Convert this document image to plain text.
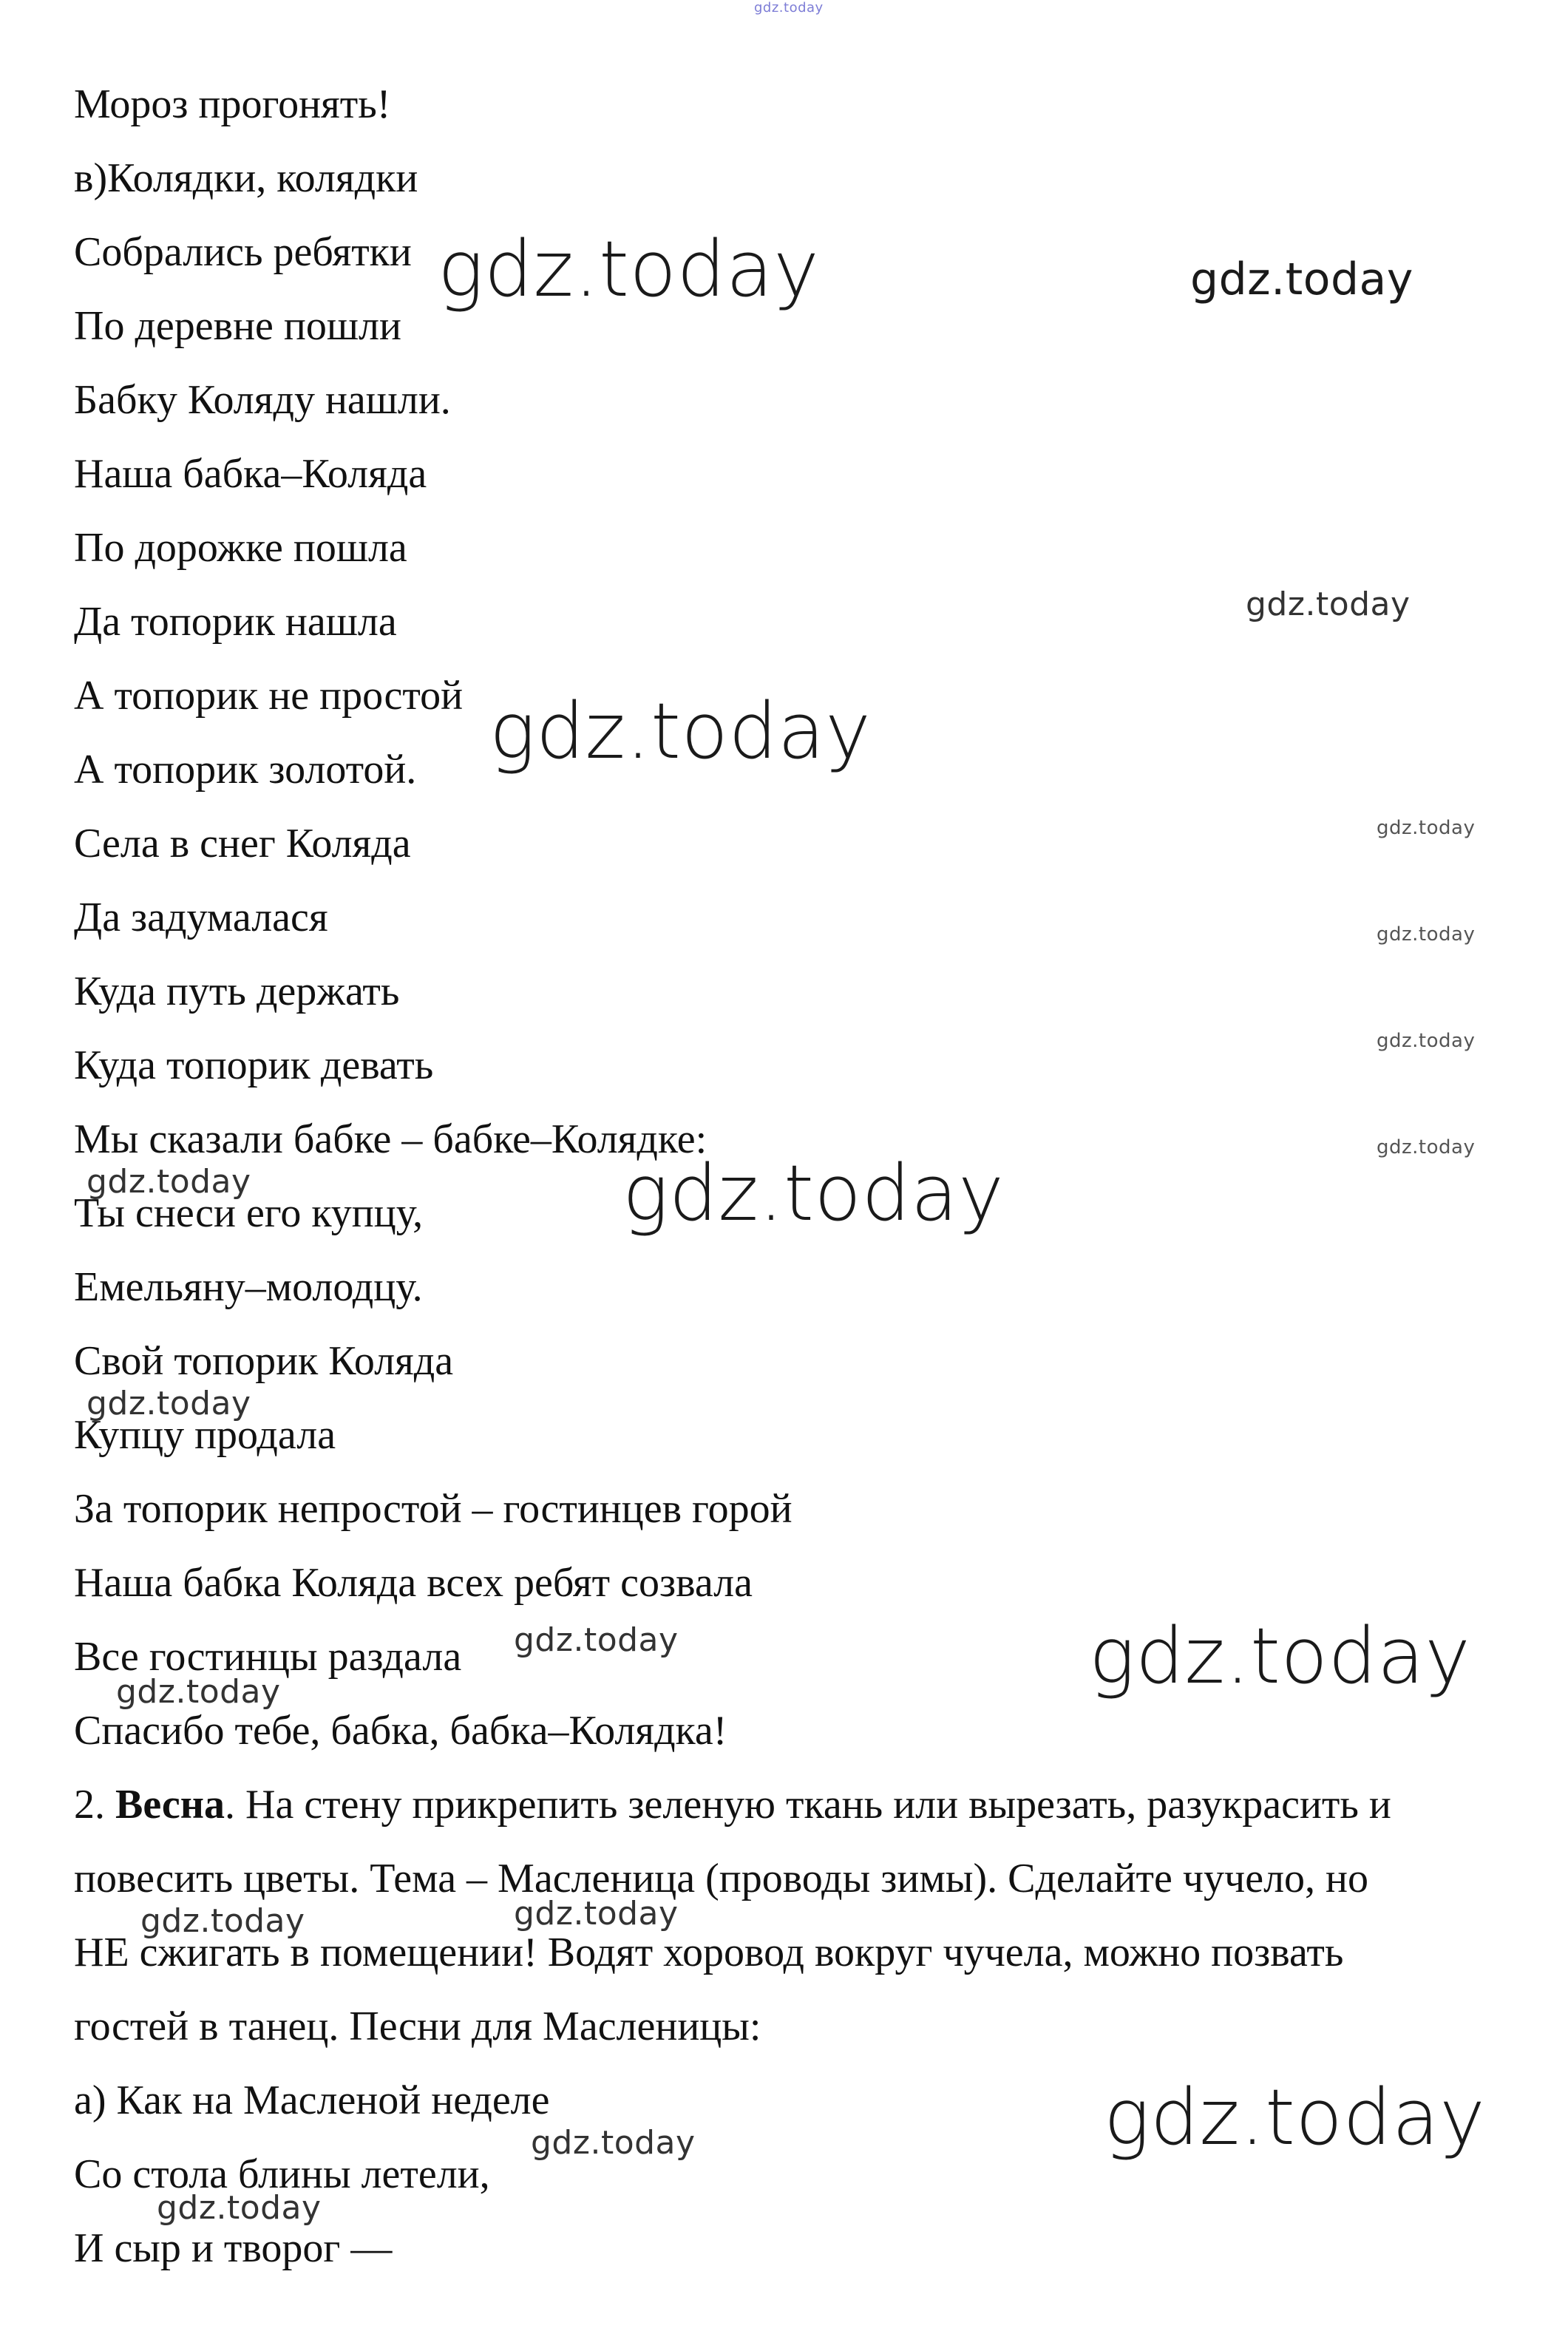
gdz.today
Мороз прогонять!
в)Колядки, колядки
Собрались ребятки
По деревне пошли
Бабку Коляду нашли.
Наша бабка–Коляда
По дорожке пошла
Да топорик нашла
А топорик не простой
А топорик золотой.
Села в снег Коляда
Да задумалася
Куда путь держать
Куда топорик девать
Мы сказали бабке – бабке–Колядке:
Ты снеси его купцу,
Емельяну–молодцу.
Свой топорик Коляда
Купцу продала
За топорик непростой – гостинцев горой
Наша бабка Коляда всех ребят созвала
Все гостинцы раздала
Спасибо тебе, бабка, бабка–Колядка!
2. Весна. На стену прикрепить зеленую ткань или вырезать, разукрасить и
повесить цветы. Тема – Масленица (проводы зимы). Сделайте чучело, но
НЕ сжигать в помещении! Водят хоровод вокруг чучела, можно позвать
гостей в танец. Песни для Масленицы:
а) Как на Масленой неделе
Со стола блины летели,
И сыр и творог —
gdz.today	gdz.today
gdz.today
gdz.today
gdz.today
gdz.today
gdz.today
gdz.today
gdz.today	gdz.today
gdz.today
gdz.today	gdz.today
gdz.today
gdz.today	gdz.today
gdz.today
gdz.today
gdz.today
